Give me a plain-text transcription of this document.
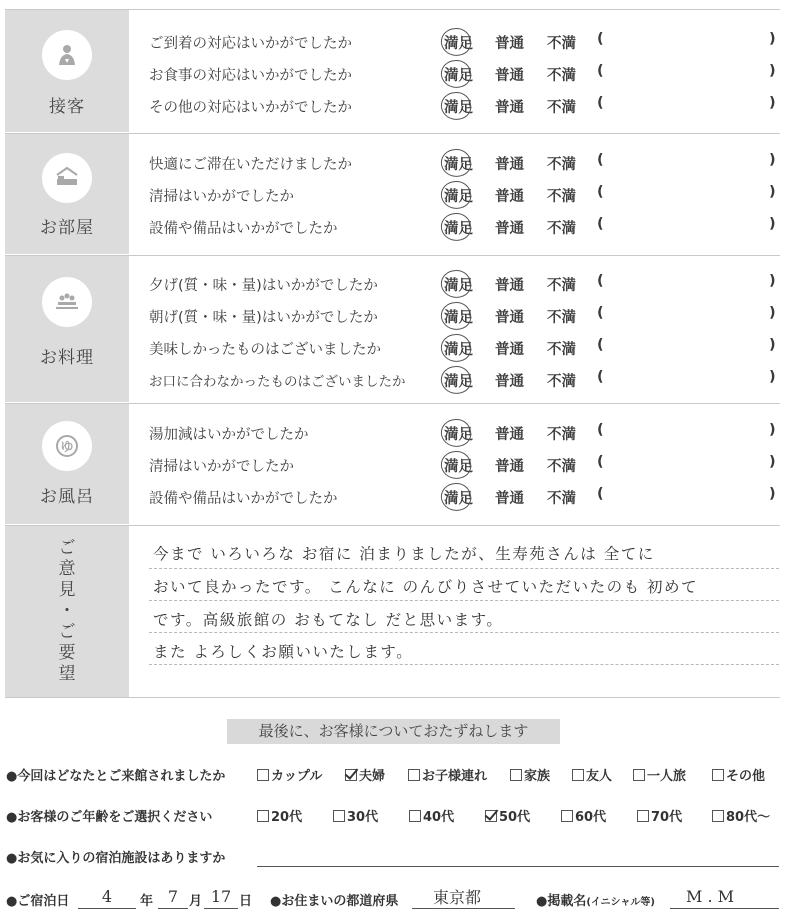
接客
ご到着の対応はいかがでしたか	満足 普通 不満 (	)
お食事の対応はいかがでしたか	満足 普通 不満 (	)
その他の対応はいかがでしたか	満足 普通 不満 (	)
お部屋
快適にご滞在いただけましたか	満足 普通 不満 (	)
清掃はいかがでしたか	満足 普通 不満 (	)
設備や備品はいかがでしたか	満足 普通 不満 (	)
お料理
夕げ(質・味・量)はいかがでしたか	満足 普通 不満 (	)
朝げ(質・味・量)はいかがでしたか	満足 普通 不満 (	)
美味しかったものはございましたか	満足 普通 不満 (	)
お口に合わなかったものはございましたか	満足 普通 不満 (	)
ゆ
お風呂
湯加減はいかがでしたか	満足 普通 不満 (	)
清掃はいかがでしたか	満足 普通 不満 (	)
設備や備品はいかがでしたか	満足 普通 不満 (	)
ご
意
見
・
ご
要
望
今まで いろいろな お宿に 泊まりましたが、生寿苑さんは 全てに
おいて良かったです。 こんなに のんびりさせていただいたのも 初めて
です。高級旅館の おもてなし だと思います。
また よろしくお願いいたします。
最後に、お客様についておたずねします
●今回はどなたとご来館されましたか	カップル	夫婦	お子様連れ	家族	友人	一人旅	その他
●お客様のご年齢をご選択ください	20代	30代	40代	50代	60代	70代	80代〜
●お気に入りの宿泊施設はありますか
●ご宿泊日	4	年 7 月 17 日 ●お住まいの都道府県	東京都	●掲載名(イニシャル等)	M . M
